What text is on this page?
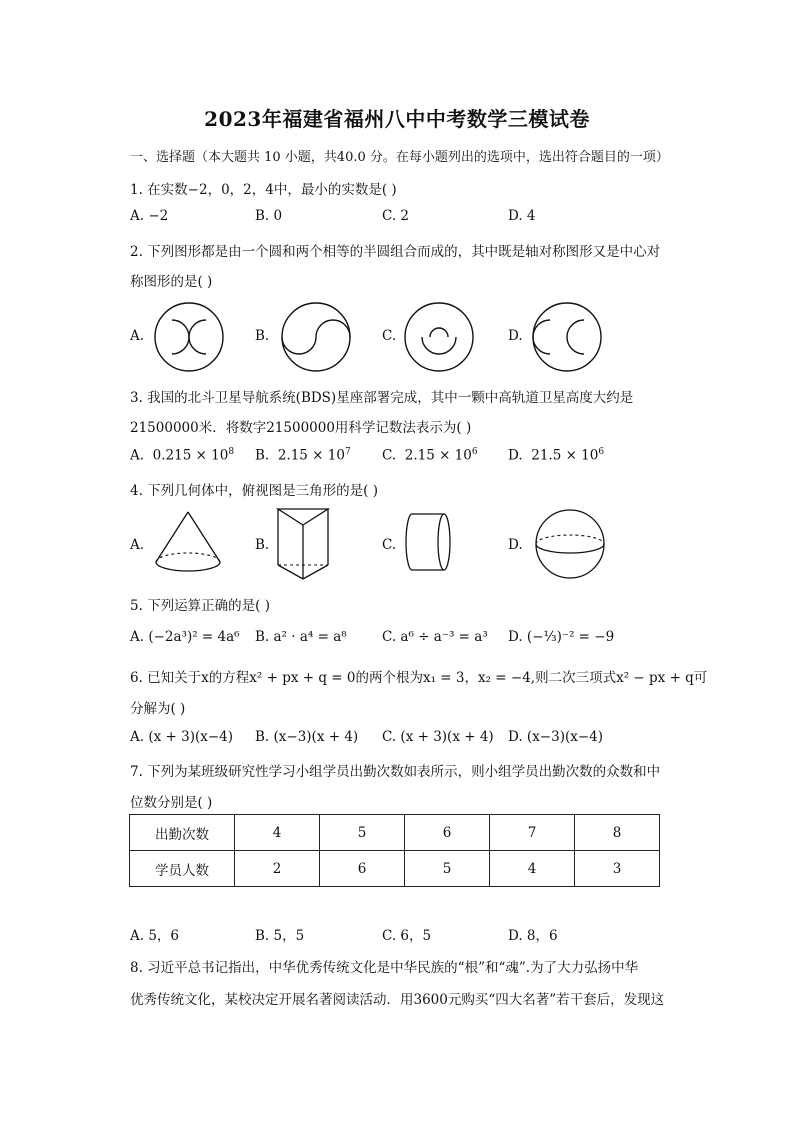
2023年福建省福州八中中考数学三模试卷
一、选择题（本大题共 10 小题，共40.0 分。在每小题列出的选项中，选出符合题目的一项）
1. 在实数−2，0，2，4中，最小的实数是( )
A. −2	B. 0	C. 2	D. 4
2. 下列图形都是由一个圆和两个相等的半圆组合而成的，其中既是轴对称图形又是中心对
称图形的是( )
A.	B.	C.	D.
3. 我国的北斗卫星导航系统(BDS)星座部署完成，其中一颗中高轨道卫星高度大约是
21500000米．将数字21500000用科学记数法表示为( )
A. $0.215 \times 10^8$ B. $2.15 \times 10^7$ C. $2.15 \times 10^6$ D. $21.5 \times 10^6$
4. 下列几何体中，俯视图是三角形的是( )
A.	B.	C.	D.
5. 下列运算正确的是( )
A. (−2a³)² = 4a⁶ B. a² · a⁴ = a⁸	C. a⁶ ÷ a⁻³ = a³ D. (−⅓)⁻² = −9
6. 已知关于x的方程x² + px + q = 0的两个根为x₁ = 3，x₂ = −4,则二次三项式x² − px + q可
分解为( )
A. (x + 3)(x−4) B. (x−3)(x + 4) C. (x + 3)(x + 4) D. (x−3)(x−4)
7. 下列为某班级研究性学习小组学员出勤次数如表所示，则小组学员出勤次数的众数和中
位数分别是( )
出勤次数	4	5	6	7	8
学员人数	2	6	5	4	3
A. 5，6	B. 5，5	C. 6，5	D. 8，6
8. 习近平总书记指出，中华优秀传统文化是中华民族的“根”和“魂”.为了大力弘扬中华
优秀传统文化，某校决定开展名著阅读活动．用3600元购买“四大名著”若干套后，发现这
